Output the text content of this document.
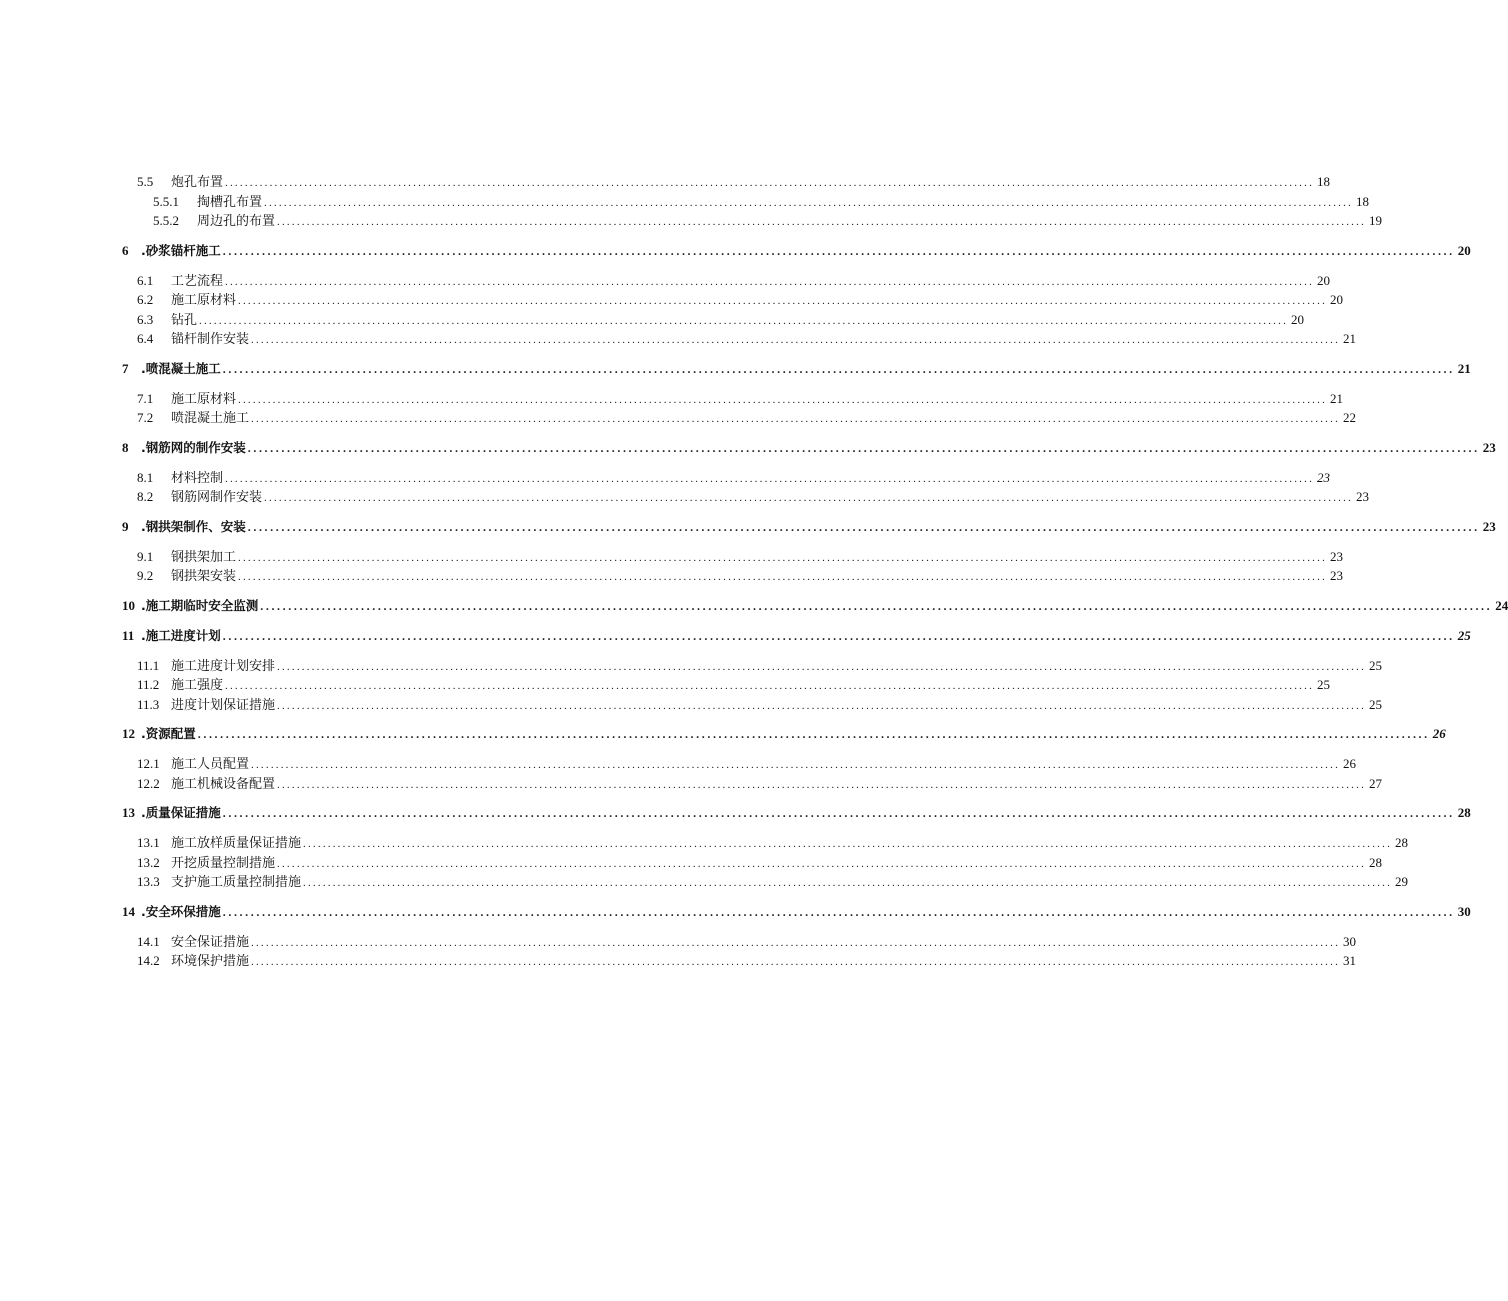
5.5	炮孔布置 ............................................................................................................................................................................................................................ 18
5.5.1	掏槽孔布置 ............................................................................................................................................................................................................................ 18
5.5.2	周边孔的布置 ............................................................................................................................................................................................................................ 19
6	.砂浆锚杆施工 ............................................................................................................................................................................................................................ 20
6.1	工艺流程 ............................................................................................................................................................................................................................ 20
6.2	施工原材料 ............................................................................................................................................................................................................................ 20
6.3	钻孔 ............................................................................................................................................................................................................................ 20
6.4	锚杆制作安装 ............................................................................................................................................................................................................................ 21
7	.喷混凝土施工 ............................................................................................................................................................................................................................ 21
7.1	施工原材料 ............................................................................................................................................................................................................................ 21
7.2	喷混凝土施工 ............................................................................................................................................................................................................................ 22
8	.钢筋网的制作安装 ............................................................................................................................................................................................................................ 23
8.1	材料控制 ............................................................................................................................................................................................................................ 23
8.2	钢筋网制作安装 ............................................................................................................................................................................................................................ 23
9	.钢拱架制作、安装 ............................................................................................................................................................................................................................ 23
9.1	钢拱架加工 ............................................................................................................................................................................................................................ 23
9.2	钢拱架安装 ............................................................................................................................................................................................................................ 23
10 .施工期临时安全监测 ............................................................................................................................................................................................................................ 24
11 .施工进度计划 ............................................................................................................................................................................................................................ 25
11.1 施工进度计划安排 ............................................................................................................................................................................................................................ 25
11.2 施工强度 ............................................................................................................................................................................................................................ 25
11.3 进度计划保证措施 ............................................................................................................................................................................................................................ 25
12 .资源配置 ............................................................................................................................................................................................................................ 26
12.1 施工人员配置 ............................................................................................................................................................................................................................ 26
12.2 施工机械设备配置 ............................................................................................................................................................................................................................ 27
13 .质量保证措施 ............................................................................................................................................................................................................................ 28
13.1 施工放样质量保证措施 ............................................................................................................................................................................................................................ 28
13.2 开挖质量控制措施 ............................................................................................................................................................................................................................ 28
13.3 支护施工质量控制措施 ............................................................................................................................................................................................................................ 29
14 .安全环保措施 ............................................................................................................................................................................................................................ 30
14.1 安全保证措施 ............................................................................................................................................................................................................................ 30
14.2 环境保护措施 ............................................................................................................................................................................................................................ 31
